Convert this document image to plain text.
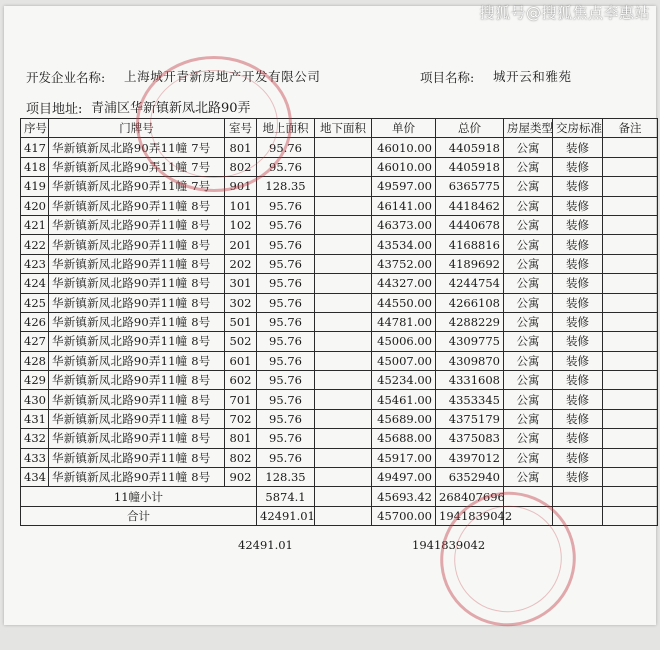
搜狐号@搜狐焦点李惠站
开发企业名称: 上海城开青新房地产开发有限公司	项目名称: 城开云和雅苑
项目地址: 青浦区华新镇新凤北路90弄
序号	门牌号	室号	地上面积	地下面积	单价	总价	房屋类型	交房标准	备注
417	华新镇新凤北路90弄11幢 7号	801	95.76		46010.00	4405918	公寓	装修	
418	华新镇新凤北路90弄11幢 7号	802	95.76		46010.00	4405918	公寓	装修	
419	华新镇新凤北路90弄11幢 7号	901	128.35		49597.00	6365775	公寓	装修	
420	华新镇新凤北路90弄11幢 8号	101	95.76		46141.00	4418462	公寓	装修	
421	华新镇新凤北路90弄11幢 8号	102	95.76		46373.00	4440678	公寓	装修	
422	华新镇新凤北路90弄11幢 8号	201	95.76		43534.00	4168816	公寓	装修	
423	华新镇新凤北路90弄11幢 8号	202	95.76		43752.00	4189692	公寓	装修	
424	华新镇新凤北路90弄11幢 8号	301	95.76		44327.00	4244754	公寓	装修	
425	华新镇新凤北路90弄11幢 8号	302	95.76		44550.00	4266108	公寓	装修	
426	华新镇新凤北路90弄11幢 8号	501	95.76		44781.00	4288229	公寓	装修	
427	华新镇新凤北路90弄11幢 8号	502	95.76		45006.00	4309775	公寓	装修	
428	华新镇新凤北路90弄11幢 8号	601	95.76		45007.00	4309870	公寓	装修	
429	华新镇新凤北路90弄11幢 8号	602	95.76		45234.00	4331608	公寓	装修	
430	华新镇新凤北路90弄11幢 8号	701	95.76		45461.00	4353345	公寓	装修	
431	华新镇新凤北路90弄11幢 8号	702	95.76		45689.00	4375179	公寓	装修	
432	华新镇新凤北路90弄11幢 8号	801	95.76		45688.00	4375083	公寓	装修	
433	华新镇新凤北路90弄11幢 8号	802	95.76		45917.00	4397012	公寓	装修	
434	华新镇新凤北路90弄11幢 8号	902	128.35		49497.00	6352940	公寓	装修	
11幢小计			5874.1		45693.42	268407696			
合计			42491.01		45700.00	1941839042			
42491.01	1941839042
